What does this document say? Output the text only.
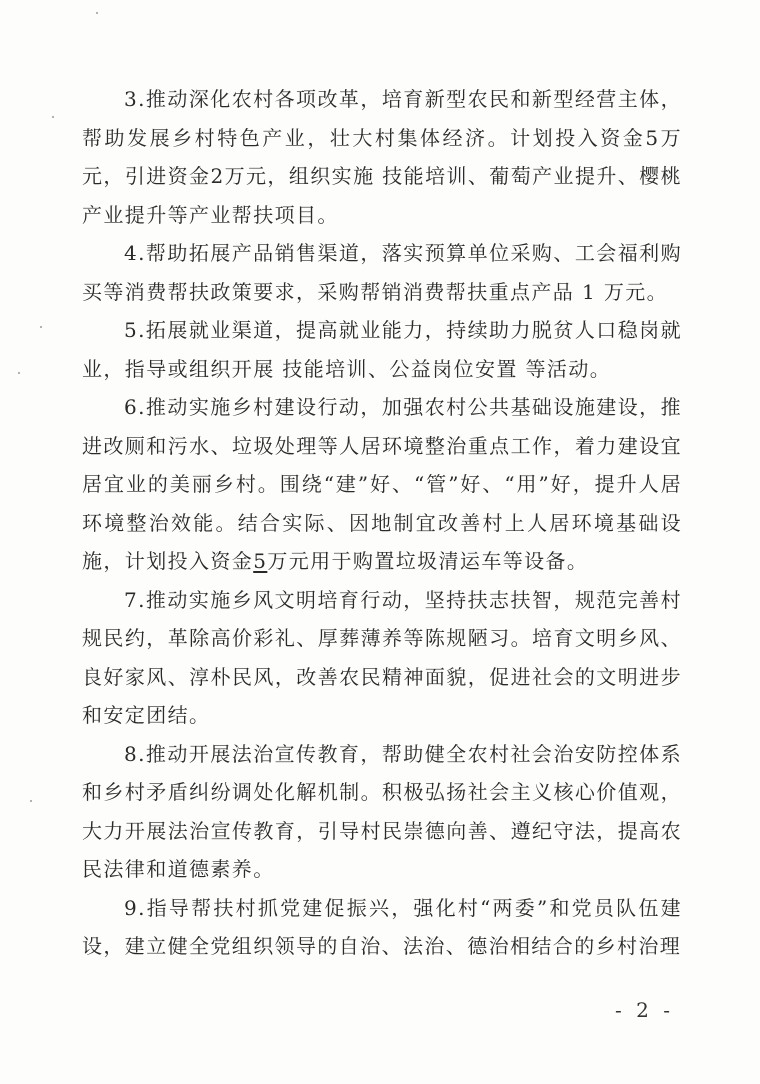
3.推动深化农村各项改革，培育新型农民和新型经营主体，帮助发展乡村特色产业，壮大村集体经济。计划投入资金5万元，引进资金2万元，组织实施 技能培训、葡萄产业提升、樱桃产业提升等产业帮扶项目。

4.帮助拓展产品销售渠道，落实预算单位采购、工会福利购买等消费帮扶政策要求，采购帮销消费帮扶重点产品 1 万元。

5.拓展就业渠道，提高就业能力，持续助力脱贫人口稳岗就业，指导或组织开展 技能培训、公益岗位安置 等活动。

6.推动实施乡村建设行动，加强农村公共基础设施建设，推进改厕和污水、垃圾处理等人居环境整治重点工作，着力建设宜居宜业的美丽乡村。围绕“建”好、“管”好、“用”好，提升人居环境整治效能。结合实际、因地制宜改善村上人居环境基础设施，计划投入资金5万元用于购置垃圾清运车等设备。

7.推动实施乡风文明培育行动，坚持扶志扶智，规范完善村规民约，革除高价彩礼、厚葬薄养等陈规陋习。培育文明乡风、良好家风、淳朴民风，改善农民精神面貌，促进社会的文明进步和安定团结。

8.推动开展法治宣传教育，帮助健全农村社会治安防控体系和乡村矛盾纠纷调处化解机制。积极弘扬社会主义核心价值观，大力开展法治宣传教育，引导村民崇德向善、遵纪守法，提高农民法律和道德素养。

9.指导帮扶村抓党建促振兴，强化村“两委”和党员队伍建设，建立健全党组织领导的自治、法治、德治相结合的乡村治理

- 2 -
